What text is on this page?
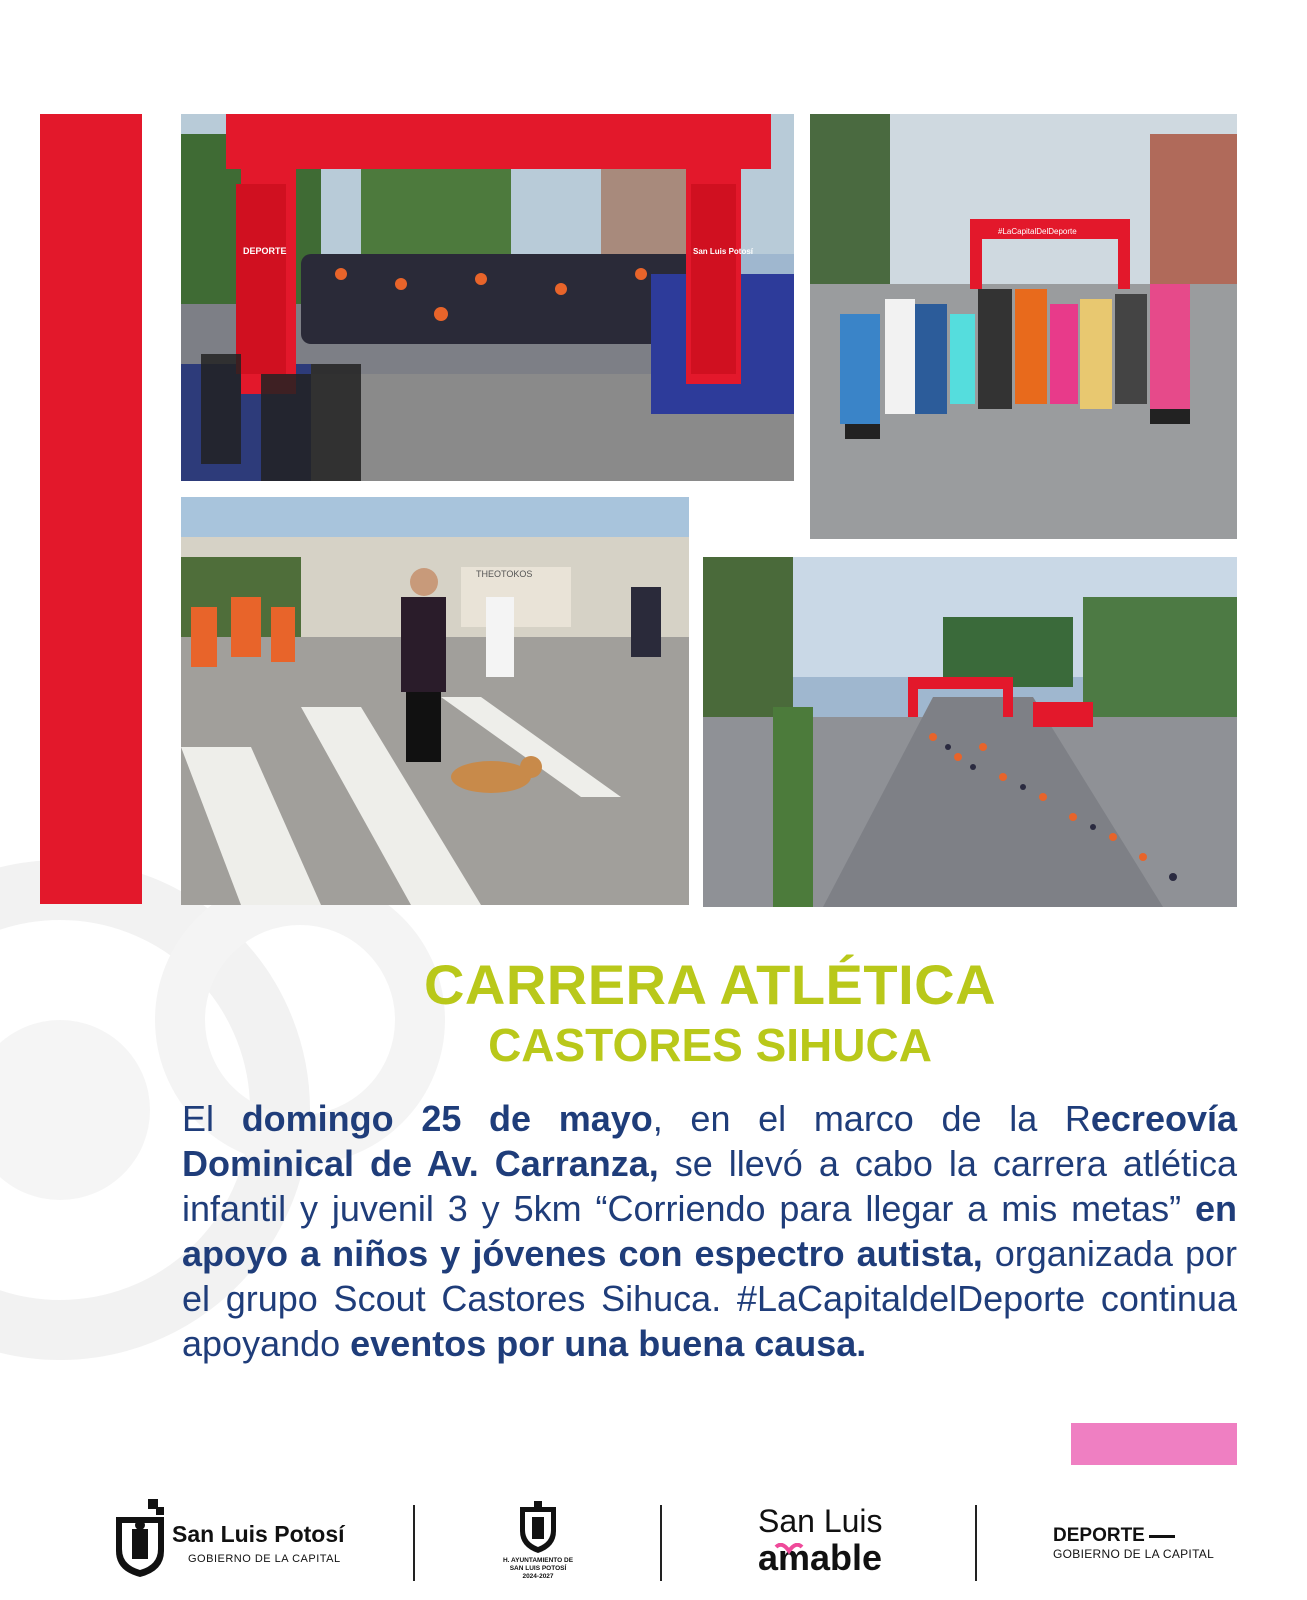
DEPORTE	San Luis Potosí
#LaCapitalDelDeporte
THEOTOKOS
CARRERA ATLÉTICA
CASTORES SIHUCA

El domingo 25 de mayo, en el marco de la Recreovía Dominical de Av. Carranza, se llevó a cabo la carrera atlética infantil y juvenil 3 y 5km “Corriendo para llegar a mis metas” en apoyo a niños y jóvenes con espectro autista, organizada por el grupo Scout Castores Sihuca. #LaCapitaldelDeporte continua apoyando eventos por una buena causa.

San Luis Potosí
GOBIERNO DE LA CAPITAL	H. AYUNTAMIENTO DE
SAN LUIS POTOSÍ
2024-2027
San Luis
amable
DEPORTE
GOBIERNO DE LA CAPITAL
